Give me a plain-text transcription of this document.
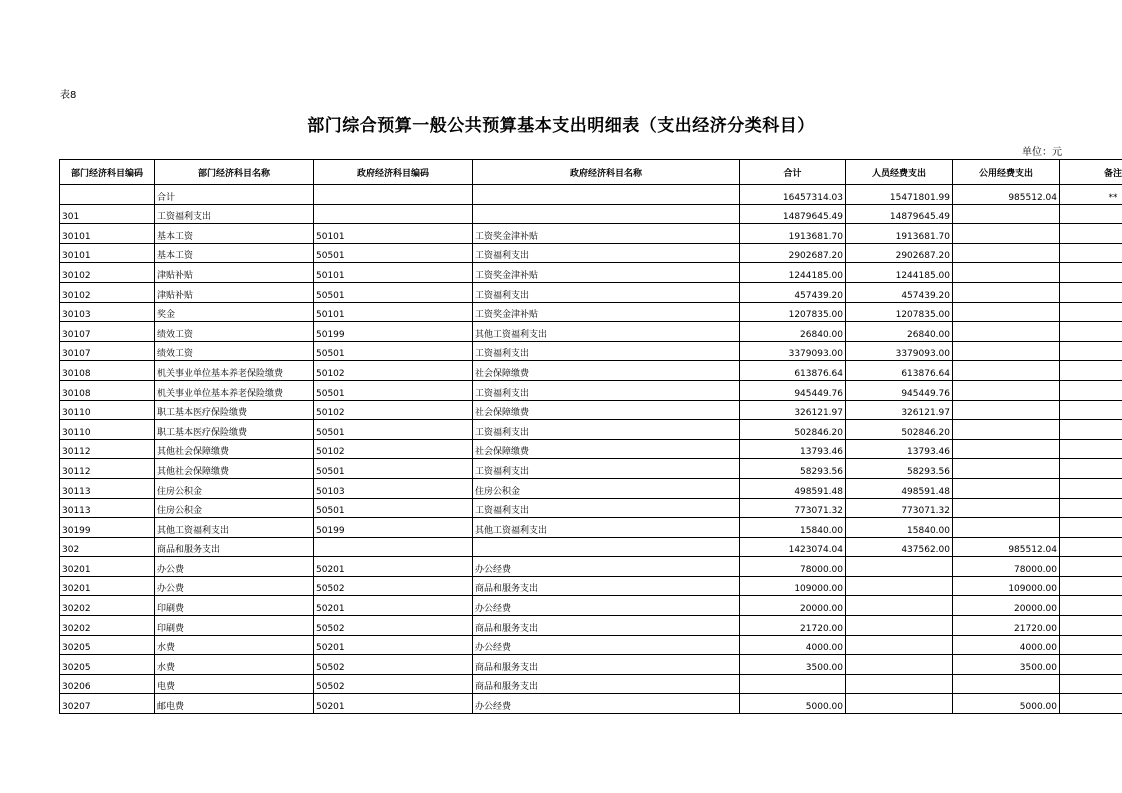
表8
部门综合预算一般公共预算基本支出明细表（支出经济分类科目）
单位：元
部门经济科目编码	部门经济科目名称	政府经济科目编码	政府经济科目名称	合计	人员经费支出	公用经费支出	备注
	合计			16457314.03	15471801.99	985512.04	**
301	工资福利支出			14879645.49	14879645.49		
30101	基本工资	50101	工资奖金津补贴	1913681.70	1913681.70		
30101	基本工资	50501	工资福利支出	2902687.20	2902687.20		
30102	津贴补贴	50101	工资奖金津补贴	1244185.00	1244185.00		
30102	津贴补贴	50501	工资福利支出	457439.20	457439.20		
30103	奖金	50101	工资奖金津补贴	1207835.00	1207835.00		
30107	绩效工资	50199	其他工资福利支出	26840.00	26840.00		
30107	绩效工资	50501	工资福利支出	3379093.00	3379093.00		
30108	机关事业单位基本养老保险缴费	50102	社会保障缴费	613876.64	613876.64		
30108	机关事业单位基本养老保险缴费	50501	工资福利支出	945449.76	945449.76		
30110	职工基本医疗保险缴费	50102	社会保障缴费	326121.97	326121.97		
30110	职工基本医疗保险缴费	50501	工资福利支出	502846.20	502846.20		
30112	其他社会保障缴费	50102	社会保障缴费	13793.46	13793.46		
30112	其他社会保障缴费	50501	工资福利支出	58293.56	58293.56		
30113	住房公积金	50103	住房公积金	498591.48	498591.48		
30113	住房公积金	50501	工资福利支出	773071.32	773071.32		
30199	其他工资福利支出	50199	其他工资福利支出	15840.00	15840.00		
302	商品和服务支出			1423074.04	437562.00	985512.04	
30201	办公费	50201	办公经费	78000.00		78000.00	
30201	办公费	50502	商品和服务支出	109000.00		109000.00	
30202	印刷费	50201	办公经费	20000.00		20000.00	
30202	印刷费	50502	商品和服务支出	21720.00		21720.00	
30205	水费	50201	办公经费	4000.00		4000.00	
30205	水费	50502	商品和服务支出	3500.00		3500.00	
30206	电费	50502	商品和服务支出				
30207	邮电费	50201	办公经费	5000.00		5000.00	
